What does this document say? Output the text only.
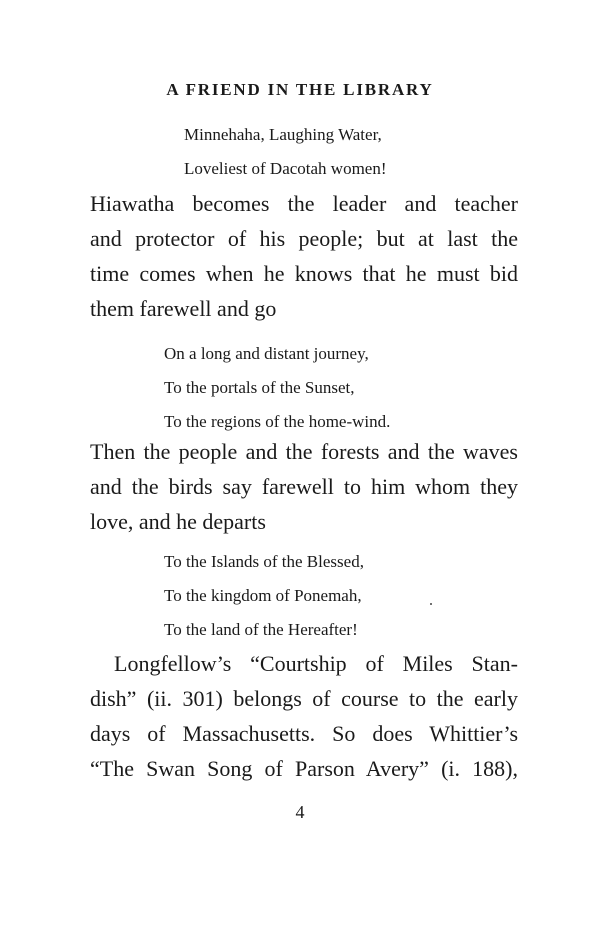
A FRIEND IN THE LIBRARY
Minnehaha, Laughing Water,
Loveliest of Dacotah women!
Hiawatha becomes the leader and teacher
and protector of his people; but at last the
time comes when he knows that he must bid
them farewell and go
On a long and distant journey,
To the portals of the Sunset,
To the regions of the home-wind.
Then the people and the forests and the waves
and the birds say farewell to him whom they
love, and he departs
To the Islands of the Blessed,
To the kingdom of Ponemah,
To the land of the Hereafter!
Longfellow’s “Courtship of Miles Stan-
dish” (ii. 301) belongs of course to the early
days of Massachusetts. So does Whittier’s
“The Swan Song of Parson Avery” (i. 188),
4
